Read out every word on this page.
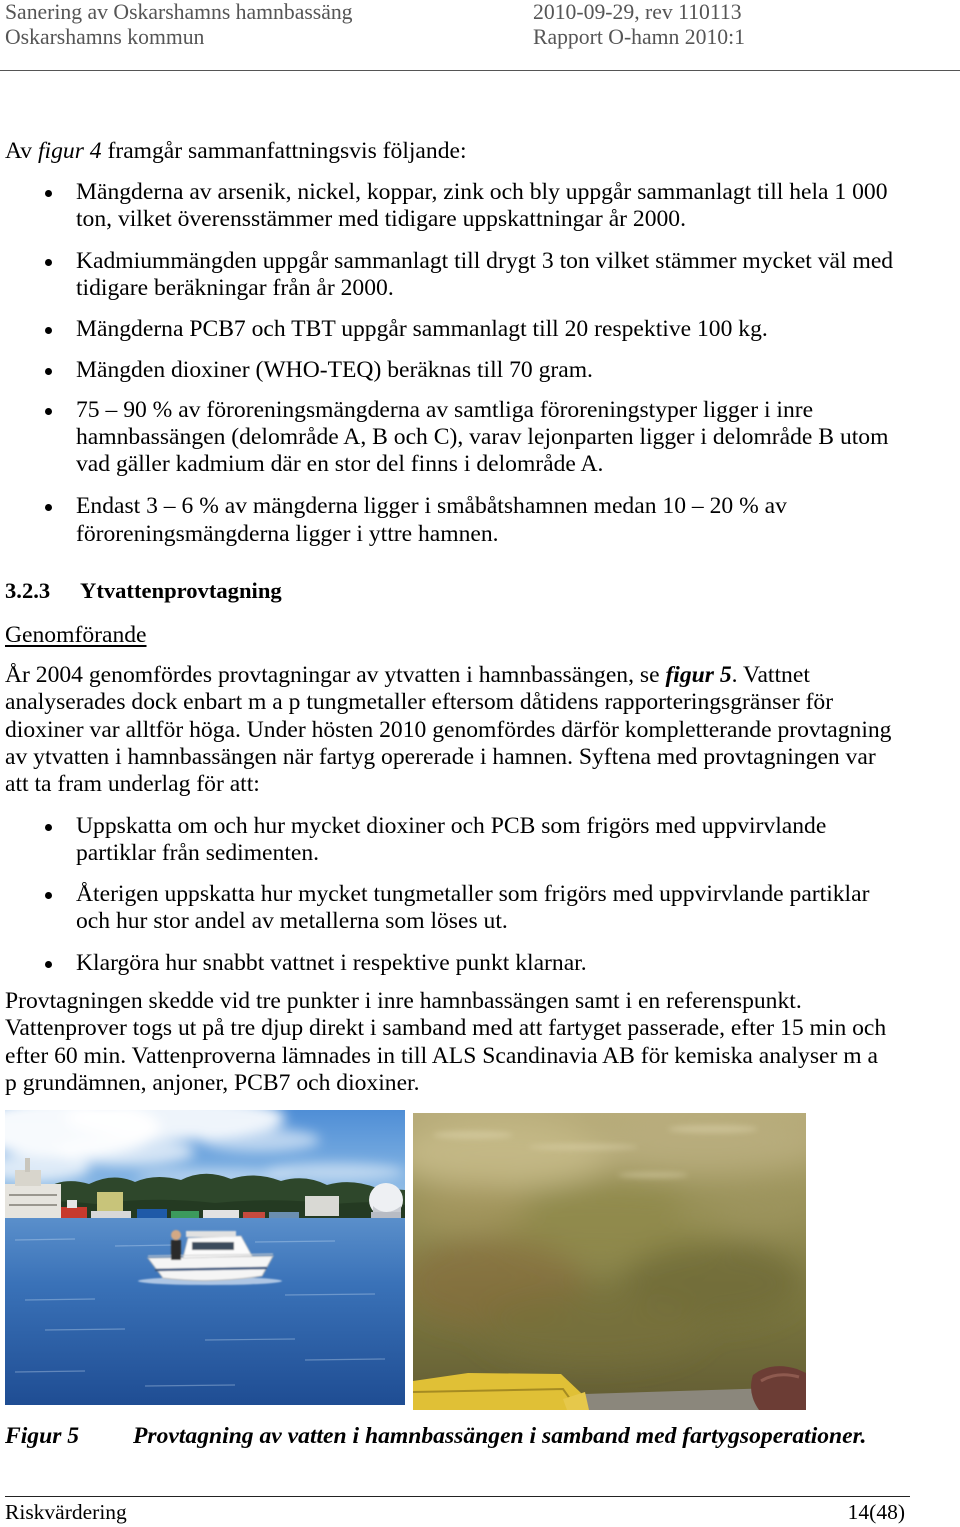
Sanering av Oskarshamns hamnbassäng
Oskarshamns kommun
2010-09-29, rev 110113
Rapport O-hamn 2010:1
Av figur 4 framgår sammanfattningsvis följande:
Mängderna av arsenik, nickel, koppar, zink och bly uppgår sammanlagt till hela 1 000
ton, vilket överensstämmer med tidigare uppskattningar år 2000.
Kadmiummängden uppgår sammanlagt till drygt 3 ton vilket stämmer mycket väl med
tidigare beräkningar från år 2000.
Mängderna PCB7 och TBT uppgår sammanlagt till 20 respektive 100 kg.
Mängden dioxiner (WHO-TEQ) beräknas till 70 gram.
75 – 90 % av föroreningsmängderna av samtliga föroreningstyper ligger i inre
hamnbassängen (delområde A, B och C), varav lejonparten ligger i delområde B utom
vad gäller kadmium där en stor del finns i delområde A.
Endast 3 – 6 % av mängderna ligger i småbåtshamnen medan 10 – 20 % av
föroreningsmängderna ligger i yttre hamnen.
3.2.3 Ytvattenprovtagning
Genomförande
År 2004 genomfördes provtagningar av ytvatten i hamnbassängen, se figur 5. Vattnet
analyserades dock enbart m a p tungmetaller eftersom dåtidens rapporteringsgränser för
dioxiner var alltför höga. Under hösten 2010 genomfördes därför kompletterande provtagning
av ytvatten i hamnbassängen när fartyg opererade i hamnen. Syftena med provtagningen var
att ta fram underlag för att:
Uppskatta om och hur mycket dioxiner och PCB som frigörs med uppvirvlande
partiklar från sedimenten.
Återigen uppskatta hur mycket tungmetaller som frigörs med uppvirvlande partiklar
och hur stor andel av metallerna som löses ut.
Klargöra hur snabbt vattnet i respektive punkt klarnar.
Provtagningen skedde vid tre punkter i inre hamnbassängen samt i en referenspunkt.
Vattenprover togs ut på tre djup direkt i samband med att fartyget passerade, efter 15 min och
efter 60 min. Vattenproverna lämnades in till ALS Scandinavia AB för kemiska analyser m a
p grundämnen, anjoner, PCB7 och dioxiner.
Figur 5 Provtagning av vatten i hamnbassängen i samband med fartygsoperationer.
Riskvärdering	14(48)
